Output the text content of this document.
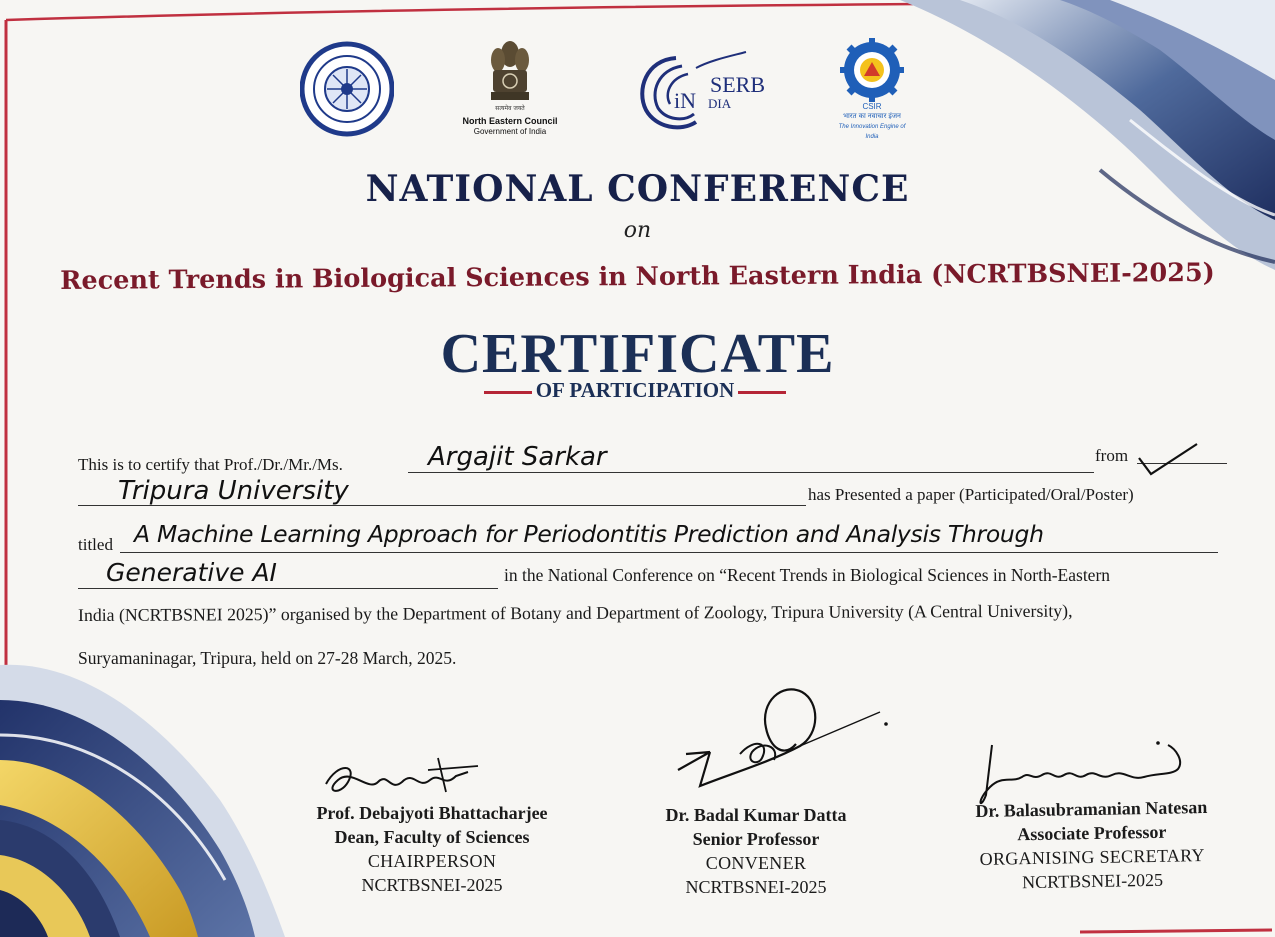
सत्यमेव जयते
North Eastern Council
Government of India
iN
SERB
DIA	CSIR
भारत का नवाचार इंजन
The Innovation Engine of India
NATIONAL CONFERENCE
on
Recent Trends in Biological Sciences in North Eastern India (NCRTBSNEI-2025)
CERTIFICATE
OF PARTICIPATION
This is to certify that Prof./Dr./Mr./Ms.	Argajit Sarkar	from
Tripura University	has Presented a paper (Participated/Oral/Poster)
titled A Machine Learning Approach for Periodontitis Prediction and Analysis Through
Generative AI	in the National Conference on “Recent Trends in Biological Sciences in North-Eastern
India (NCRTBSNEI 2025)” organised by the Department of Botany and Department of Zoology, Tripura University (A Central University),
Suryamaninagar, Tripura, held on 27-28 March, 2025.
Prof. Debajyoti Bhattacharjee
Dean, Faculty of Sciences
CHAIRPERSON
NCRTBSNEI-2025
Dr. Badal Kumar Datta
Senior Professor
CONVENER
NCRTBSNEI-2025
Dr. Balasubramanian Natesan
Associate Professor
ORGANISING SECRETARY
NCRTBSNEI-2025
